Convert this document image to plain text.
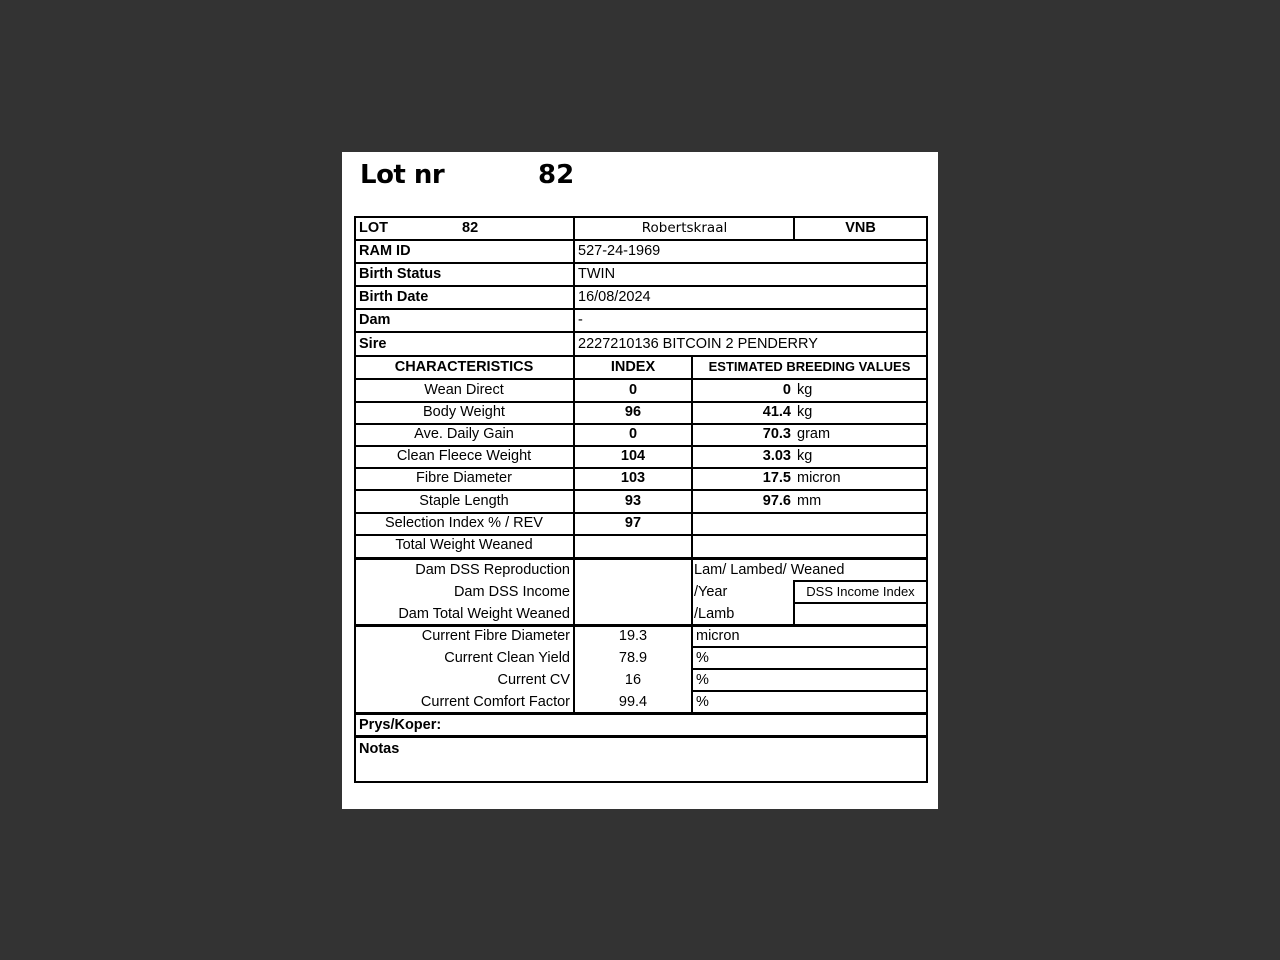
Lot nr	82
LOT	82	Robertskraal	VNB
RAM ID	527-24-1969
Birth Status	TWIN
Birth Date	16/08/2024
Dam	-
Sire	2227210136 BITCOIN 2 PENDERRY
CHARACTERISTICS	INDEX	ESTIMATED BREEDING VALUES
Wean Direct	0	0 kg
Body Weight	96	41.4 kg
Ave. Daily Gain	0	70.3 gram
Clean Fleece Weight	104	3.03 kg
Fibre Diameter	103	17.5 micron
Staple Length	93	97.6 mm
Selection Index % / REV	97
Total Weight Weaned
Dam DSS Reproduction	Lam/ Lambed/ Weaned
Dam DSS Income	/Year	DSS Income Index
Dam Total Weight Weaned	/Lamb
Current Fibre Diameter	19.3	micron
Current Clean Yield	78.9	%
Current CV	16	%
Current Comfort Factor	99.4	%
Prys/Koper:
Notas
